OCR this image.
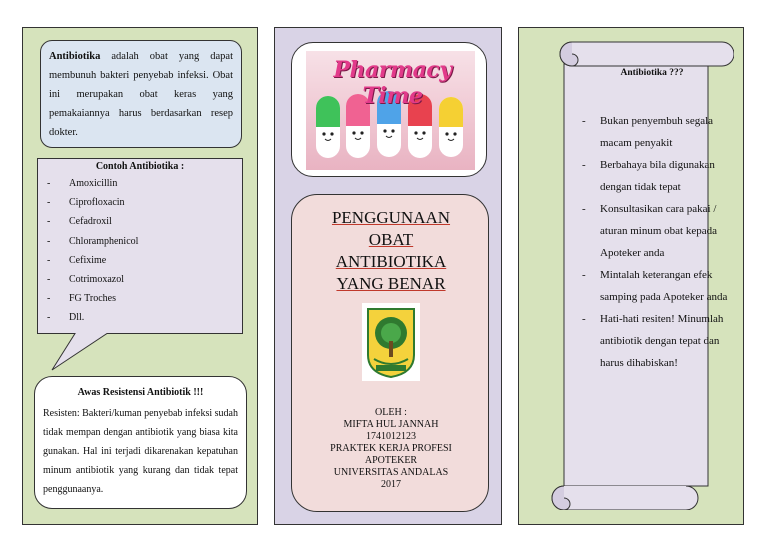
Antibiotika adalah obat yang dapat membunuh bakteri penyebab infeksi. Obat ini merupakan obat keras yang pemakaiannya harus berdasarkan resep dokter.
Contoh Antibiotika :
- Amoxicillin
- Ciprofloxacin
- Cefadroxil
- Chloramphenicol
- Cefixime
- Cotrimoxazol
- FG Troches
- Dll.
Awas Resistensi Antibiotik !!!
Resisten: Bakteri/kuman penyebab infeksi sudah tidak mempan dengan antibiotik yang biasa kita gunakan. Hal ini terjadi dikarenakan kepatuhan minum antibiotik yang kurang dan tidak tepat penggunaanya.
Pharmacy Time
PENGGUNAAN
OBAT
ANTIBIOTIKA
YANG BENAR
OLEH :
MIFTA HUL JANNAH
1741012123
PRAKTEK KERJA PROFESI
APOTEKER
UNIVERSITAS ANDALAS
2017
Antibiotika ???
- Bukan penyembuh segala macam penyakit
- Berbahaya bila digunakan dengan tidak tepat
- Konsultasikan cara pakai / aturan minum obat kepada Apoteker anda
- Mintalah keterangan efek samping pada Apoteker anda
- Hati-hati resiten! Minumlah antibiotik dengan tepat dan harus dihabiskan!
